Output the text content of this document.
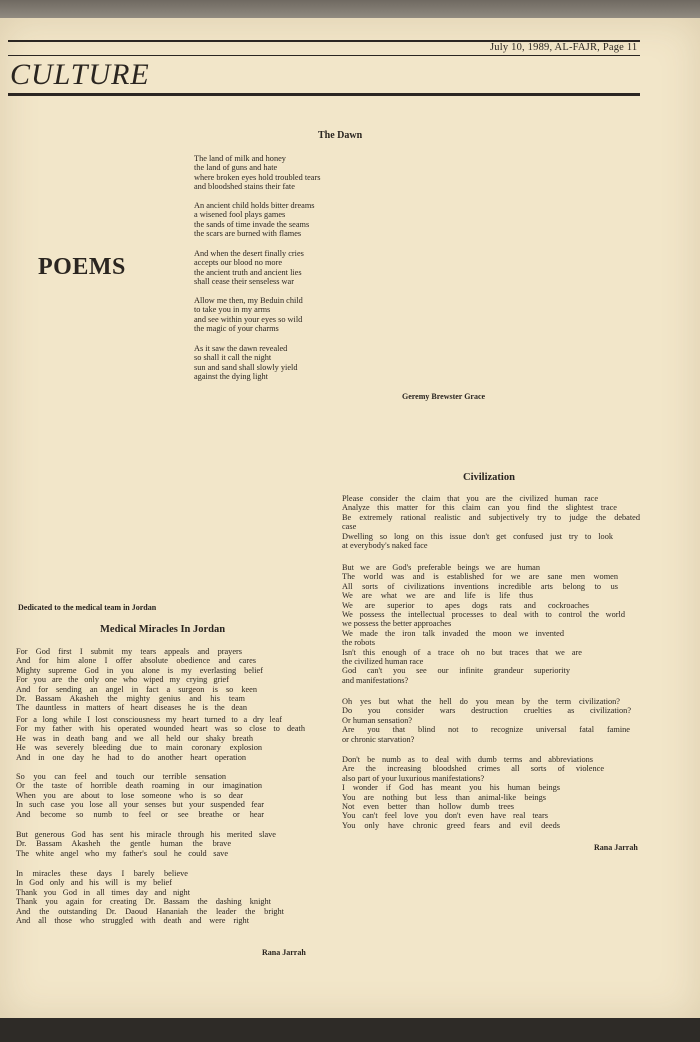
July 10, 1989, AL-FAJR, Page 11
CULTURE
POEMS
The Dawn
The land of milk and honey
the land of guns and hate
where broken eyes hold troubled tears
and bloodshed stains their fate
An ancient child holds bitter dreams
a wisened fool plays games
the sands of time invade the seams
the scars are burned with flames
And when the desert finally cries
accepts our blood no more
the ancient truth and ancient lies
shall cease their senseless war
Allow me then, my Beduin child
to take you in my arms
and see within your eyes so wild
the magic of your charms
As it saw the dawn revealed
so shall it call the night
sun and sand shall slowly yield
against the dying light
Geremy Brewster Grace
Civilization
Please consider the claim that you are the civilized human race
Analyze this matter for this claim can you find the slightest trace
Be extremely rational realistic and subjectively try to judge the debated
case
Dwelling so long on this issue don't get confused just try to look
at everybody's naked face
But we are God's preferable beings we are human
The world was and is established for we are sane men women
All sorts of civilizations inventions incredible arts belong to us
We are what we are and life is life thus
We are superior to apes dogs rats and cockroaches
We possess the intellectual processes to deal with to control the world
we possess the better approaches
We made the iron talk invaded the moon we invented
the robots
Isn't this enough of a trace oh no but traces that we are
the civilized human race
God can't you see our infinite grandeur superiority
and manifestations?
Oh yes but what the hell do you mean by the term civilization?
Do you consider wars destruction cruelties as civilization?
Or human sensation?
Are you that blind not to recognize universal fatal famine
or chronic starvation?
Don't be numb as to deal with dumb terms and abbreviations
Are the increasing bloodshed crimes all sorts of violence
also part of your luxurious manifestations?
I wonder if God has meant you his human beings
You are nothing but less than animal-like beings
Not even better than hollow dumb trees
You can't feel love you don't even have real tears
You only have chronic greed fears and evil deeds
Rana Jarrah
Dedicated to the medical team in Jordan
Medical Miracles In Jordan
For God first I submit my tears appeals and prayers
And for him alone I offer absolute obedience and cares
Mighty supreme God in you alone is my everlasting belief
For you are the only one who wiped my crying grief
And for sending an angel in fact a surgeon is so keen
Dr. Bassam Akasheh the mighty genius and his team
The dauntless in matters of heart diseases he is the dean
For a long while I lost consciousness my heart turned to a dry leaf
For my father with his operated wounded heart was so close to death
He was in death bang and we all held our shaky breath
He was severely bleeding due to main coronary explosion
And in one day he had to do another heart operation
So you can feel and touch our terrible sensation
Or the taste of horrible death roaming in our imagination
When you are about to lose someone who is so dear
In such case you lose all your senses but your suspended fear
And become so numb to feel or see breathe or hear
But generous God has sent his miracle through his merited slave
Dr. Bassam Akasheh the gentle human the brave
The white angel who my father's soul he could save
In miracles these days I barely believe
In God only and his will is my belief
Thank you God in all times day and night
Thank you again for creating Dr. Bassam the dashing knight
And the outstanding Dr. Daoud Hananiah the leader the bright
And all those who struggled with death and were right
Rana Jarrah
